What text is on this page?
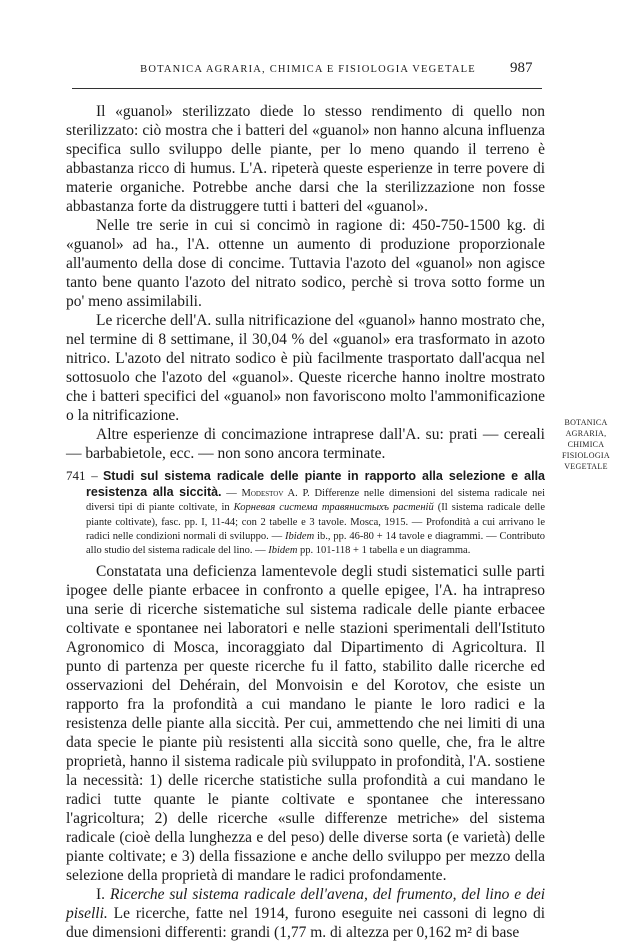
BOTANICA AGRARIA, CHIMICA E FISIOLOGIA VEGETALE	987

Il «guanol» sterilizzato diede lo stesso rendimento di quello non sterilizzato: ciò mostra che i batteri del «guanol» non hanno alcuna influenza specifica sullo sviluppo delle piante, per lo meno quando il terreno è abbastanza ricco di humus. L'A. ripeterà queste esperienze in terre povere di materie organiche. Potrebbe anche darsi che la sterilizzazione non fosse abbastanza forte da distruggere tutti i batteri del «guanol».

Nelle tre serie in cui si concimò in ragione di: 450-750-1500 kg. di «guanol» ad ha., l'A. ottenne un aumento di produzione proporzionale all'aumento della dose di concime. Tuttavia l'azoto del «guanol» non agisce tanto bene quanto l'azoto del nitrato sodico, perchè si trova sotto forme un po' meno assimilabili.

Le ricerche dell'A. sulla nitrificazione del «guanol» hanno mostrato che, nel termine di 8 settimane, il 30,04 % del «guanol» era trasformato in azoto nitrico. L'azoto del nitrato sodico è più facilmente trasportato dall'acqua nel sottosuolo che l'azoto del «guanol». Queste ricerche hanno inoltre mostrato che i batteri specifici del «guanol» non favoriscono molto l'ammonificazione o la nitrificazione.

Altre esperienze di concimazione intraprese dall'A. su: prati — cereali — barbabietole, ecc. — non sono ancora terminate.

741 – Studi sul sistema radicale delle piante in rapporto alla selezione e alla resistenza alla siccità. — Modestov A. P. Differenze nelle dimensioni del sistema radicale nei diversi tipi di piante coltivate, in Корневая система травянистыхъ растеній (Il sistema radicale delle piante coltivate), fasc. pp. I, 11-44; con 2 tabelle e 3 tavole. Mosca, 1915. — Profondità a cui arrivano le radici nelle condizioni normali di sviluppo. — Ibidem ib., pp. 46-80 + 14 tavole e diagrammi. — Contributo allo studio del sistema radicale del lino. — Ibidem pp. 101-118 + 1 tabella e un diagramma.

Constatata una deficienza lamentevole degli studi sistematici sulle parti ipogee delle piante erbacee in confronto a quelle epigee, l'A. ha intrapreso una serie di ricerche sistematiche sul sistema radicale delle piante erbacee coltivate e spontanee nei laboratori e nelle stazioni sperimentali dell'Istituto Agronomico di Mosca, incoraggiato dal Dipartimento di Agricoltura. Il punto di partenza per queste ricerche fu il fatto, stabilito dalle ricerche ed osservazioni del Dehérain, del Monvoisin e del Korotov, che esiste un rapporto fra la profondità a cui mandano le piante le loro radici e la resistenza delle piante alla siccità. Per cui, ammettendo che nei limiti di una data specie le piante più resistenti alla siccità sono quelle, che, fra le altre proprietà, hanno il sistema radicale più sviluppato in profondità, l'A. sostiene la necessità: 1) delle ricerche statistiche sulla profondità a cui mandano le radici tutte quante le piante coltivate e spontanee che interessano l'agricoltura; 2) delle ricerche «sulle differenze metriche» del sistema radicale (cioè della lunghezza e del peso) delle diverse sorta (e varietà) delle piante coltivate; e 3) della fissazione e anche dello sviluppo per mezzo della selezione della proprietà di mandare le radici profondamente.

I. Ricerche sul sistema radicale dell'avena, del frumento, del lino e dei piselli. Le ricerche, fatte nel 1914, furono eseguite nei cassoni di legno di due dimensioni differenti: grandi (1,77 m. di altezza per 0,162 m² di base

BOTANICA
AGRARIA,
CHIMICA
FISIOLOGIA
VEGETALE
